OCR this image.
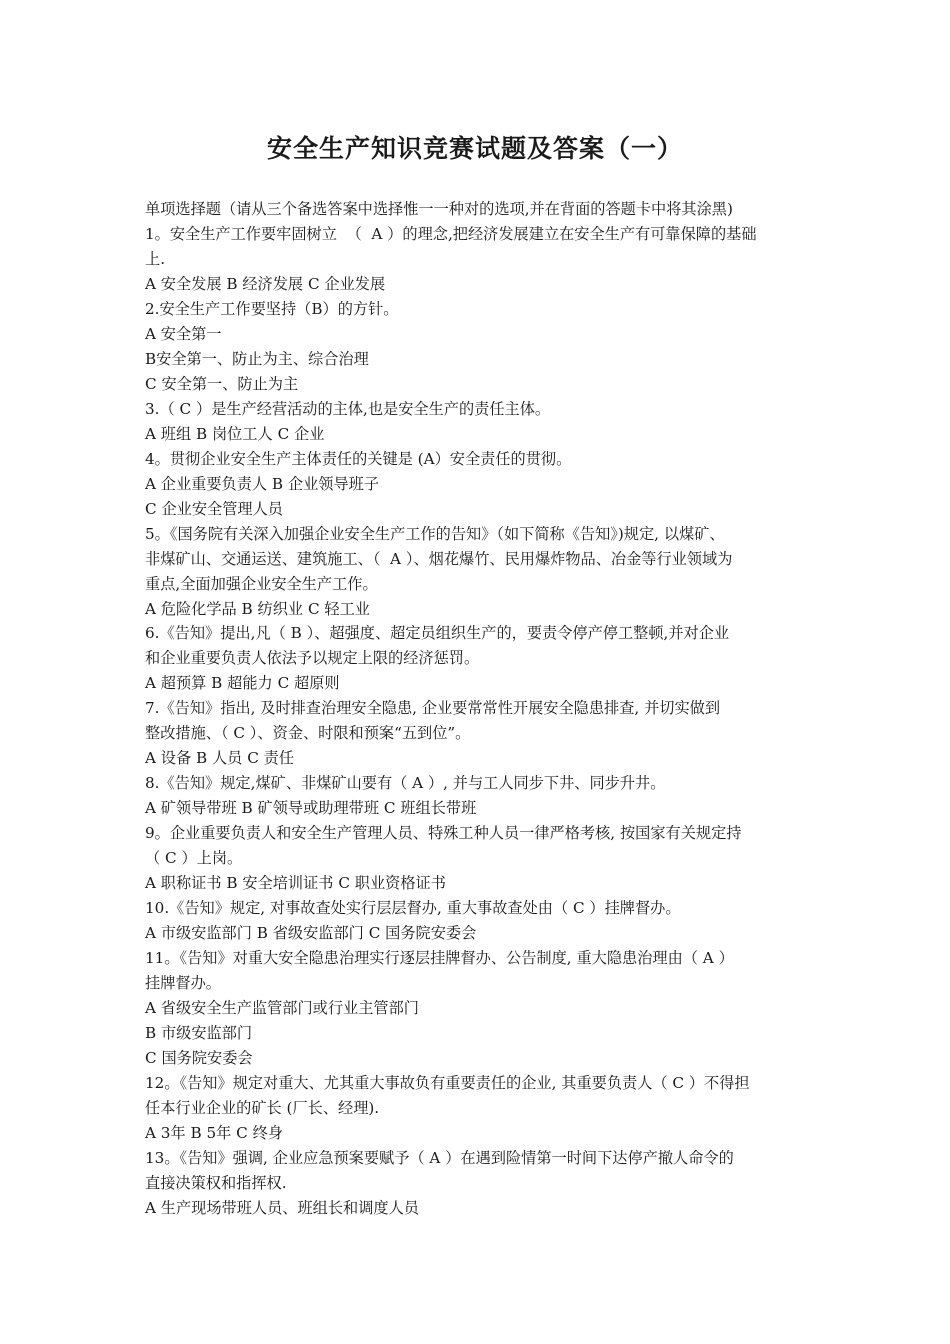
安全生产知识竞赛试题及答案（一）

单项选择题（请从三个备选答案中选择惟一一种对的选项,并在背面的答题卡中将其涂黑)

1。安全生产工作要牢固树立  （  A ）的理念,把经济发展建立在安全生产有可靠保障的基础

上.

A 安全发展 B 经济发展 C 企业发展

2.安全生产工作要坚持（B）的方针。

A 安全第一

B安全第一、防止为主、综合治理

C 安全第一、防止为主

3.（ C ）是生产经营活动的主体,也是安全生产的责任主体。

A 班组 B 岗位工人 C 企业

4。贯彻企业安全生产主体责任的关键是 (A）安全责任的贯彻。

A 企业重要负责人 B 企业领导班子

C 企业安全管理人员

5。《国务院有关深入加强企业安全生产工作的告知》（如下简称《告知》)规定, 以煤矿、

非煤矿山、交通运送、建筑施工、（  A ）、烟花爆竹、民用爆炸物品、冶金等行业领域为

重点,全面加强企业安全生产工作。

A 危险化学品 B 纺织业 C 轻工业

6.《告知》提出,凡（ B ）、超强度、超定员组织生产的，要责令停产停工整顿,并对企业

和企业重要负责人依法予以规定上限的经济惩罚。

A 超预算 B 超能力 C 超原则

7.《告知》指出, 及时排查治理安全隐患, 企业要常常性开展安全隐患排查, 并切实做到

整改措施、（ C ）、资金、时限和预案“五到位”。

A 设备 B 人员 C 责任

8.《告知》规定,煤矿、非煤矿山要有（ A ）, 并与工人同步下井、同步升井。

A 矿领导带班 B 矿领导或助理带班 C 班组长带班

9。企业重要负责人和安全生产管理人员、特殊工种人员一律严格考核, 按国家有关规定持

（ C ）上岗。

A 职称证书 B 安全培训证书 C 职业资格证书

10.《告知》规定, 对事故查处实行层层督办, 重大事故查处由（ C ）挂牌督办。

A 市级安监部门 B 省级安监部门 C 国务院安委会

11。《告知》对重大安全隐患治理实行逐层挂牌督办、公告制度, 重大隐患治理由（ A ）

挂牌督办。

A 省级安全生产监管部门或行业主管部门

B 市级安监部门

C 国务院安委会

12。《告知》规定对重大、尤其重大事故负有重要责任的企业, 其重要负责人（ C ）不得担

任本行业企业的矿长 (厂长、经理).

A 3年 B 5年 C 终身

13。《告知》强调, 企业应急预案要赋予（ A ）在遇到险情第一时间下达停产撤人命令的

直接决策权和指挥权.

A 生产现场带班人员、班组长和调度人员
